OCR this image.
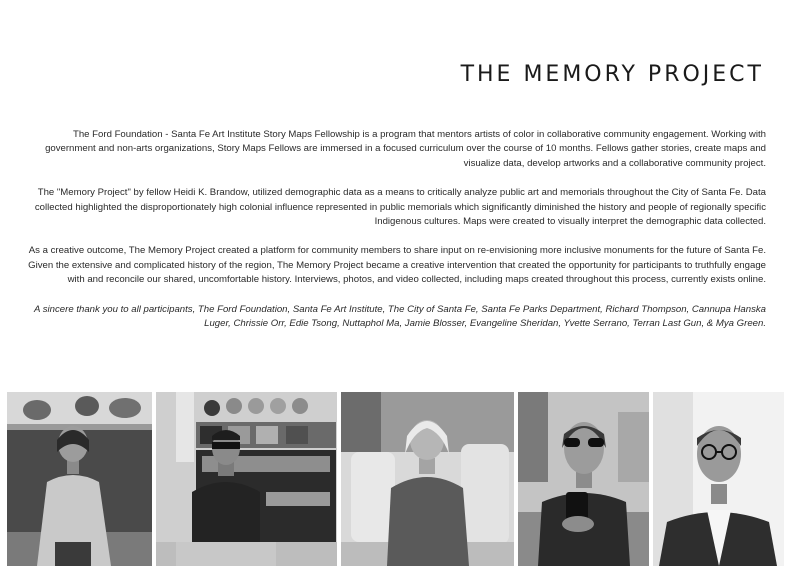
THE MEMORY PROJECT

The Ford Foundation - Santa Fe Art Institute Story Maps Fellowship is a program that mentors artists of color in collaborative community engagement. Working with government and non-arts organizations, Story Maps Fellows are immersed in a focused curriculum over the course of 10 months. Fellows gather stories, create maps and visualize data, develop artworks and a collaborative community project.

The "Memory Project" by fellow Heidi K. Brandow, utilized demographic data as a means to critically analyze public art and memorials throughout the City of Santa Fe. Data collected highlighted the disproportionately high colonial influence represented in public memorials which significantly diminished the history and people of regionally specific Indigenous cultures. Maps were created to visually interpret the demographic data collected.

As a creative outcome, The Memory Project created a platform for community members to share input on re-envisioning more inclusive monuments for the future of Santa Fe. Given the extensive and complicated history of the region, The Memory Project became a creative intervention that created the opportunity for participants to truthfully engage with and reconcile our shared, uncomfortable history. Interviews, photos, and video collected, including maps created throughout this process, currently exists online.

A sincere thank you to all participants, The Ford Foundation, Santa Fe Art Institute, The City of Santa Fe, Santa Fe Parks Department, Richard Thompson, Cannupa Hanska Luger, Chrissie Orr, Edie Tsong, Nuttaphol Ma, Jamie Blosser, Evangeline Sheridan, Yvette Serrano, Terran Last Gun, & Mya Green.
